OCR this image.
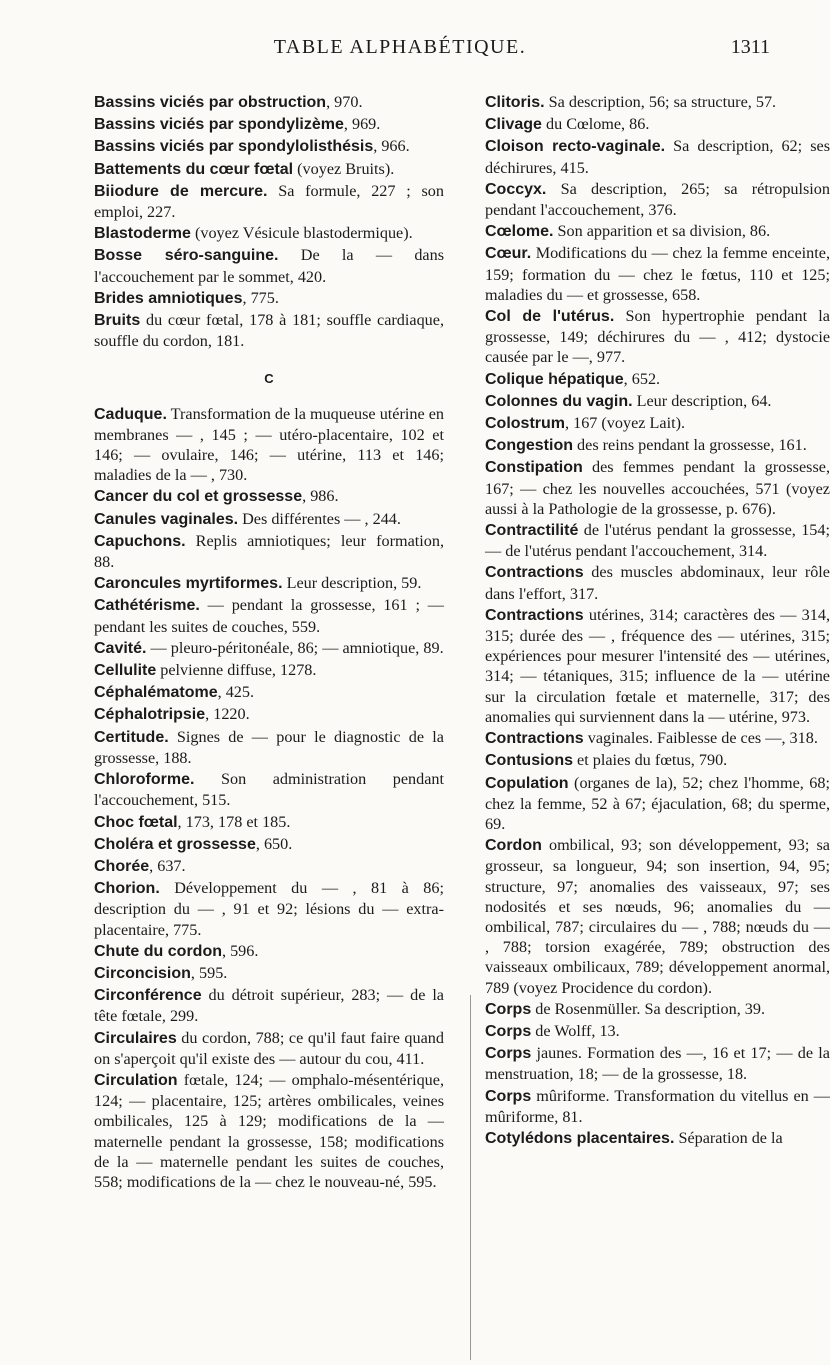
TABLE ALPHABÉTIQUE.	1311
Bassins viciés par obstruction, 970.
Bassins viciés par spondylizème, 969.
Bassins viciés par spondylolisthésis, 966.
Battements du cœur fœtal (voyez Bruits).
Biiodure de mercure. Sa formule, 227 ; son emploi, 227.
Blastoderme (voyez Vésicule blastodermique).
Bosse séro-sanguine. De la — dans l'accouchement par le sommet, 420.
Brides amniotiques, 775.
Bruits du cœur fœtal, 178 à 181; souffle cardiaque, souffle du cordon, 181.
C
Caduque. Transformation de la muqueuse utérine en membranes — , 145 ; — utéro-placentaire, 102 et 146; — ovulaire, 146; — utérine, 113 et 146; maladies de la — , 730.
Cancer du col et grossesse, 986.
Canules vaginales. Des différentes — , 244.
Capuchons. Replis amniotiques; leur formation, 88.
Caroncules myrtiformes. Leur description, 59.
Cathétérisme. — pendant la grossesse, 161 ; — pendant les suites de couches, 559.
Cavité. — pleuro-péritonéale, 86; — amniotique, 89.
Cellulite pelvienne diffuse, 1278.
Céphalématome, 425.
Céphalotripsie, 1220.
Certitude. Signes de — pour le diagnostic de la grossesse, 188.
Chloroforme. Son administration pendant l'accouchement, 515.
Choc fœtal, 173, 178 et 185.
Choléra et grossesse, 650.
Chorée, 637.
Chorion. Développement du — , 81 à 86; description du — , 91 et 92; lésions du — extra-placentaire, 775.
Chute du cordon, 596.
Circoncision, 595.
Circonférence du détroit supérieur, 283; — de la tête fœtale, 299.
Circulaires du cordon, 788; ce qu'il faut faire quand on s'aperçoit qu'il existe des — autour du cou, 411.
Circulation fœtale, 124; — omphalo-mésentérique, 124; — placentaire, 125; artères ombilicales, veines ombilicales, 125 à 129; modifications de la — maternelle pendant la grossesse, 158; modifications de la — maternelle pendant les suites de couches, 558; modifications de la — chez le nouveau-né, 595.
Clitoris. Sa description, 56; sa structure, 57.
Clivage du Cœlome, 86.
Cloison recto-vaginale. Sa description, 62; ses déchirures, 415.
Coccyx. Sa description, 265; sa rétropulsion pendant l'accouchement, 376.
Cœlome. Son apparition et sa division, 86.
Cœur. Modifications du — chez la femme enceinte, 159; formation du — chez le fœtus, 110 et 125; maladies du — et grossesse, 658.
Col de l'utérus. Son hypertrophie pendant la grossesse, 149; déchirures du — , 412; dystocie causée par le —, 977.
Colique hépatique, 652.
Colonnes du vagin. Leur description, 64.
Colostrum, 167 (voyez Lait).
Congestion des reins pendant la grossesse, 161.
Constipation des femmes pendant la grossesse, 167; — chez les nouvelles accouchées, 571 (voyez aussi à la Pathologie de la grossesse, p. 676).
Contractilité de l'utérus pendant la grossesse, 154; — de l'utérus pendant l'accouchement, 314.
Contractions des muscles abdominaux, leur rôle dans l'effort, 317.
Contractions utérines, 314; caractères des — 314, 315; durée des — , fréquence des — utérines, 315; expériences pour mesurer l'intensité des — utérines, 314; — tétaniques, 315; influence de la — utérine sur la circulation fœtale et maternelle, 317; des anomalies qui surviennent dans la — utérine, 973.
Contractions vaginales. Faiblesse de ces —, 318.
Contusions et plaies du fœtus, 790.
Copulation (organes de la), 52; chez l'homme, 68; chez la femme, 52 à 67; éjaculation, 68; du sperme, 69.
Cordon ombilical, 93; son développement, 93; sa grosseur, sa longueur, 94; son insertion, 94, 95; structure, 97; anomalies des vaisseaux, 97; ses nodosités et ses nœuds, 96; anomalies du — ombilical, 787; circulaires du — , 788; nœuds du — , 788; torsion exagérée, 789; obstruction des vaisseaux ombilicaux, 789; développement anormal, 789 (voyez Procidence du cordon).
Corps de Rosenmüller. Sa description, 39.
Corps de Wolff, 13.
Corps jaunes. Formation des —, 16 et 17; — de la menstruation, 18; — de la grossesse, 18.
Corps mûriforme. Transformation du vitellus en — mûriforme, 81.
Cotylédons placentaires. Séparation de la
